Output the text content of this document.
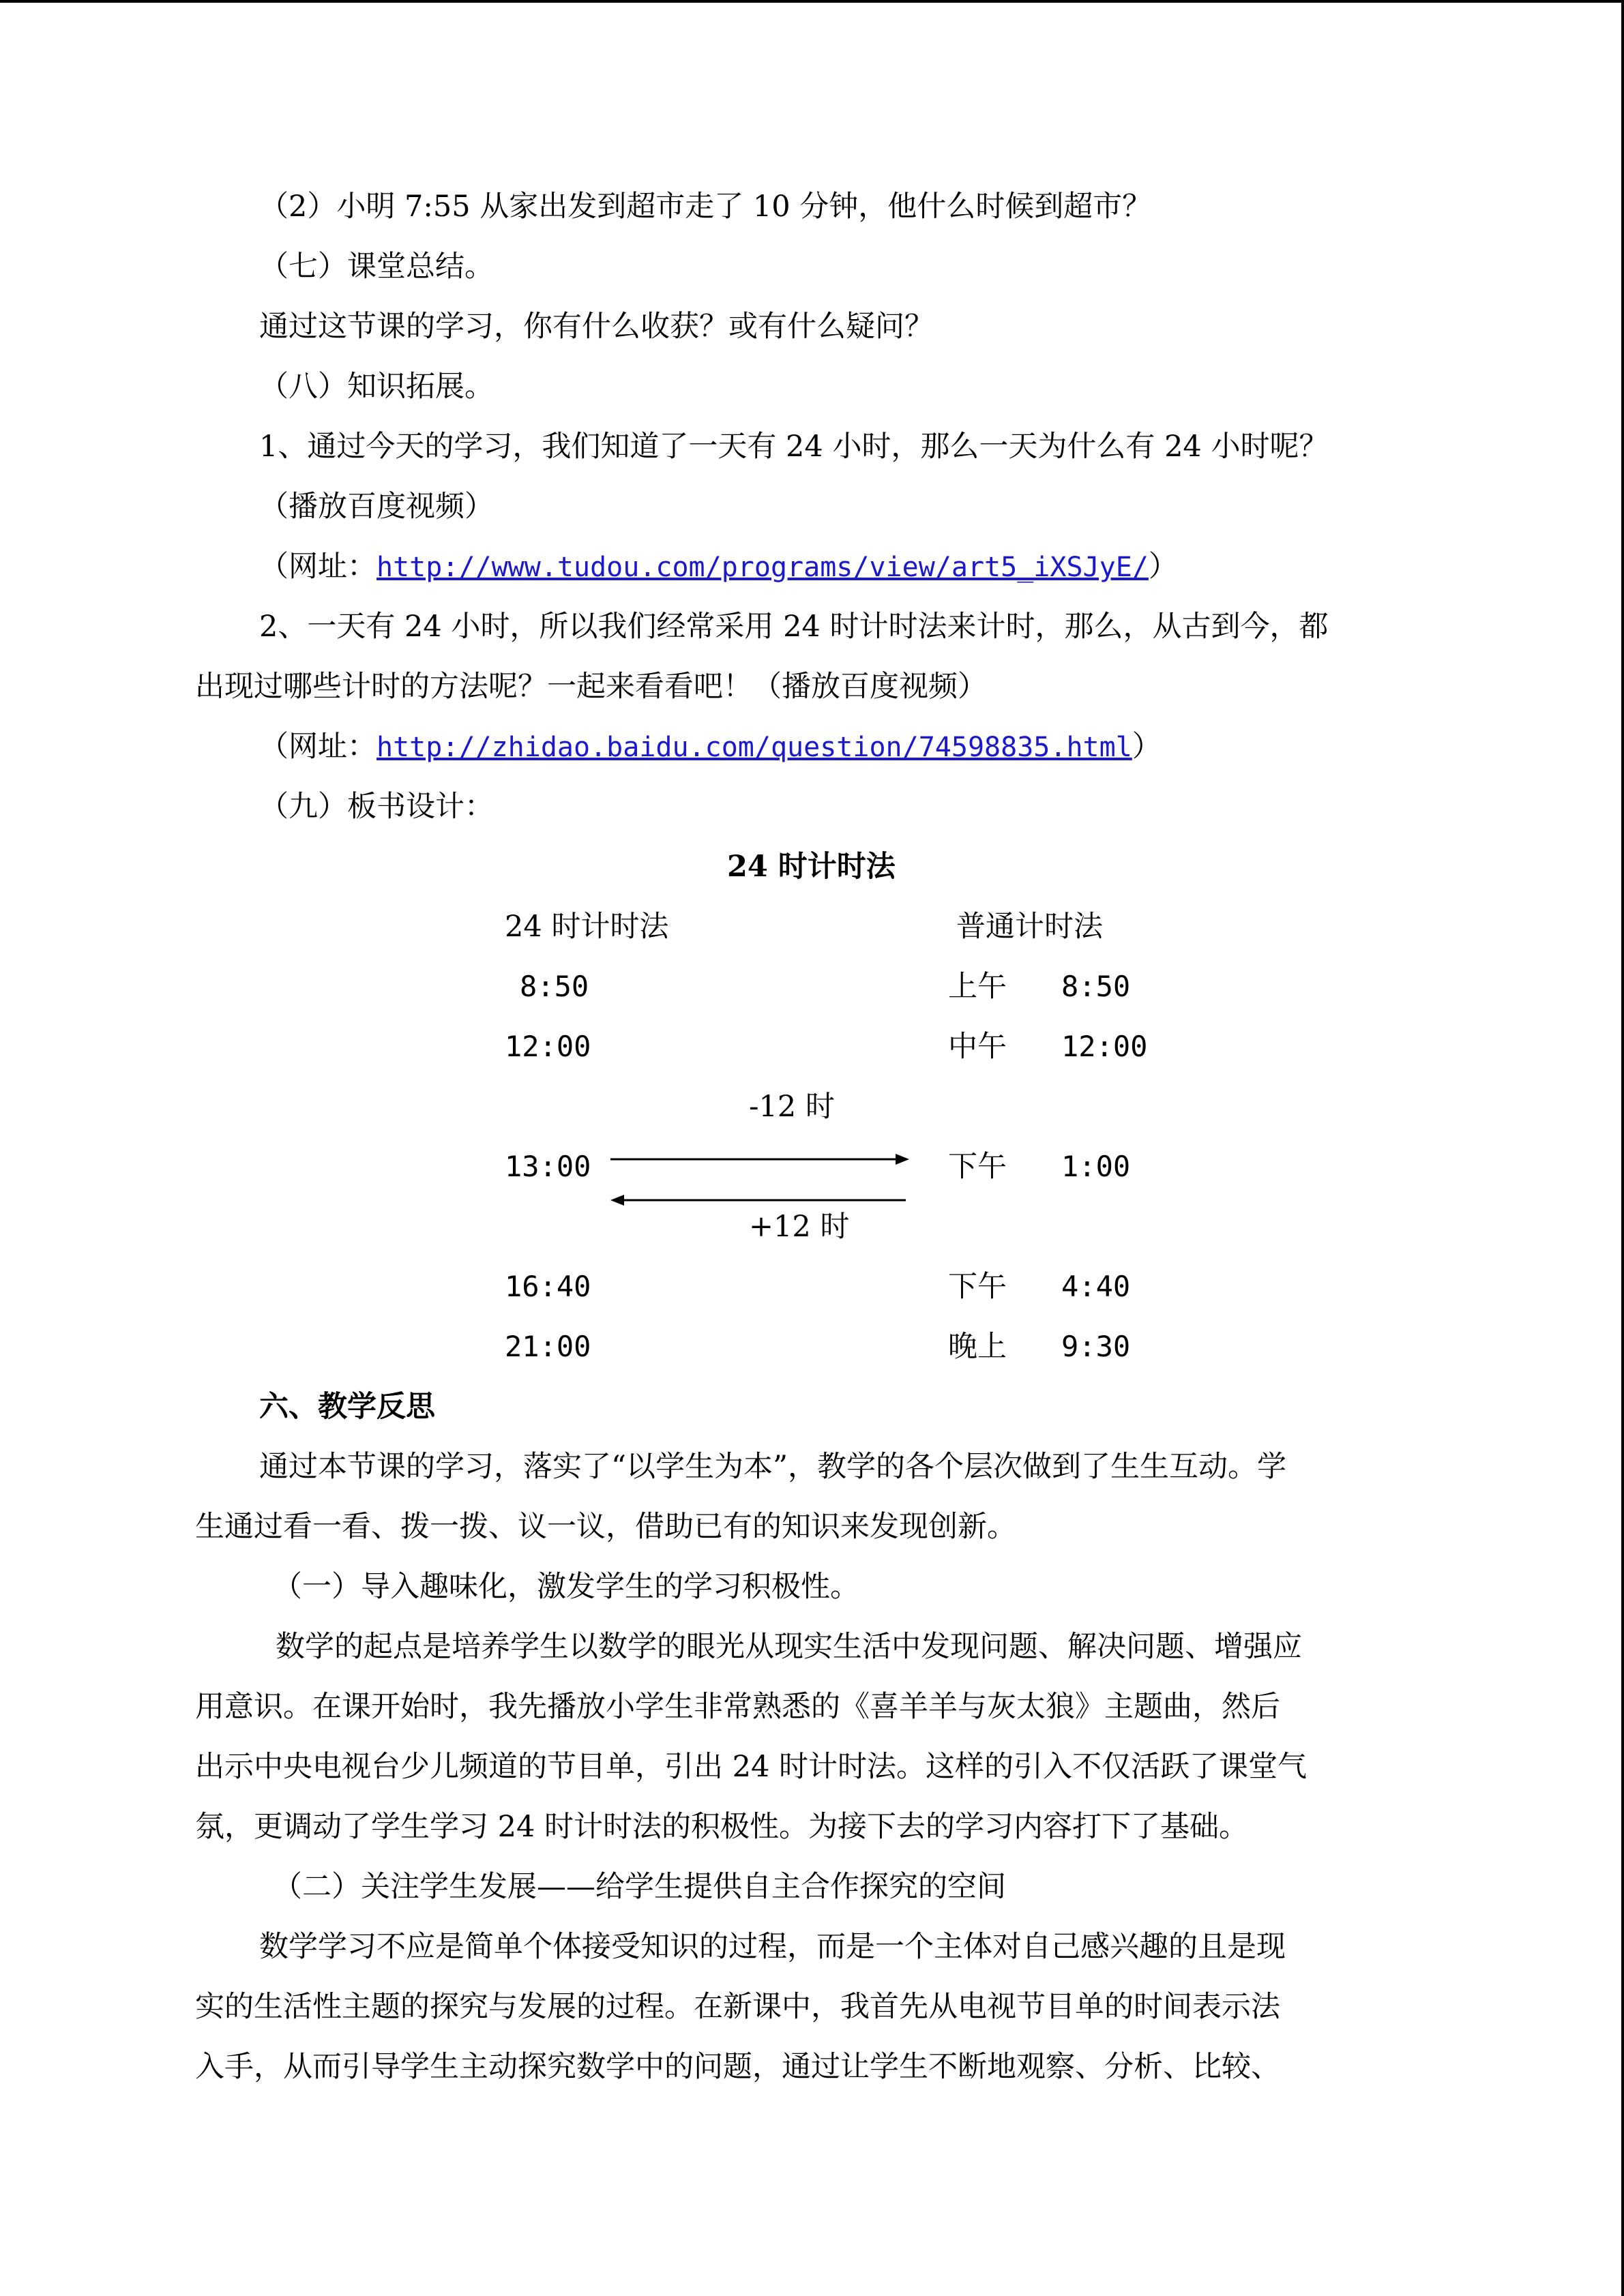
（2）小明 7:55 从家出发到超市走了 10 分钟，他什么时候到超市？
（七）课堂总结。
通过这节课的学习，你有什么收获？或有什么疑问？
（八）知识拓展。
1、通过今天的学习，我们知道了一天有 24 小时，那么一天为什么有 24 小时呢？
（播放百度视频）
（网址：http://www.tudou.com/programs/view/art5_iXSJyE/）
2、一天有 24 小时，所以我们经常采用 24 时计时法来计时，那么，从古到今，都
出现过哪些计时的方法呢？一起来看看吧！（播放百度视频）
（网址：http://zhidao.baidu.com/question/74598835.html）
（九）板书设计：
24 时计时法
24 时计时法	普通计时法
8:50	上午 8:50
12:00	中午 12:00
-12 时
13:00	下午 1:00
+12 时
16:40	下午 4:40
21:00	晚上 9:30
六、教学反思
通过本节课的学习，落实了“以学生为本”，教学的各个层次做到了生生互动。学
生通过看一看、拨一拨、议一议，借助已有的知识来发现创新。
（一）导入趣味化，激发学生的学习积极性。
数学的起点是培养学生以数学的眼光从现实生活中发现问题、解决问题、增强应
用意识。在课开始时，我先播放小学生非常熟悉的《喜羊羊与灰太狼》主题曲，然后
出示中央电视台少儿频道的节目单，引出 24 时计时法。这样的引入不仅活跃了课堂气
氛，更调动了学生学习 24 时计时法的积极性。为接下去的学习内容打下了基础。
（二）关注学生发展——给学生提供自主合作探究的空间
数学学习不应是简单个体接受知识的过程，而是一个主体对自己感兴趣的且是现
实的生活性主题的探究与发展的过程。在新课中，我首先从电视节目单的时间表示法
入手，从而引导学生主动探究数学中的问题，通过让学生不断地观察、分析、比较、
